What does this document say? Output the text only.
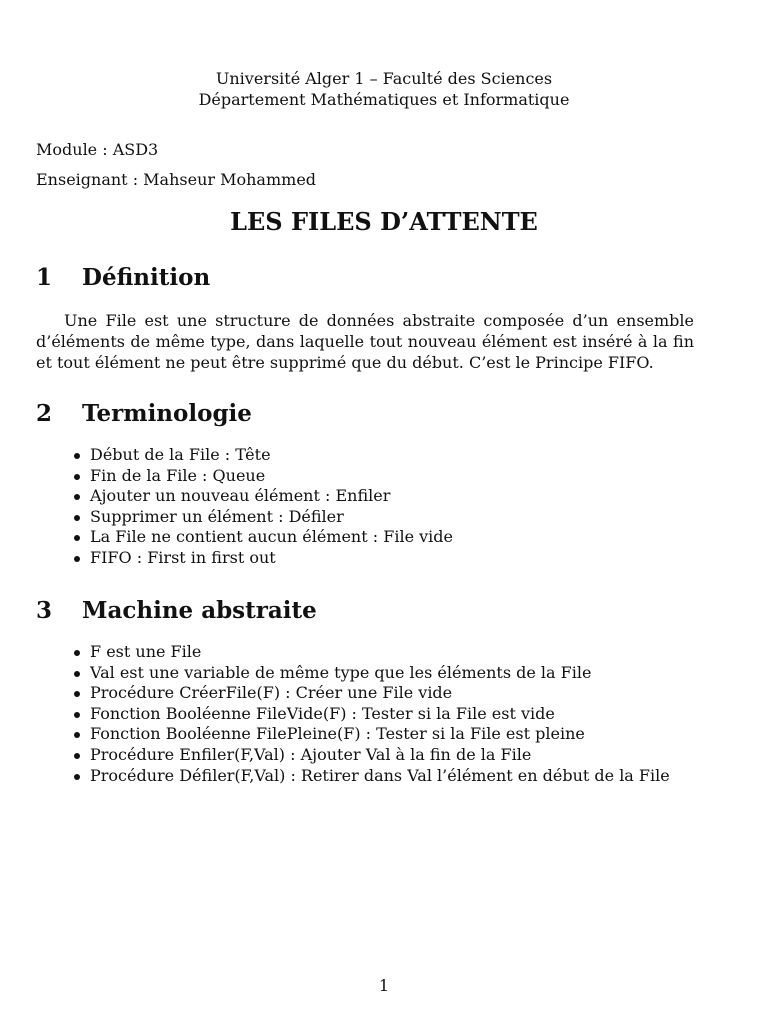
Université Alger 1 – Faculté des Sciences
Département Mathématiques et Informatique
Module : ASD3
Enseignant : Mahseur Mohammed
LES FILES D’ATTENTE
1 Définition
Une File est une structure de données abstraite composée d’un ensemble d’éléments de même type, dans laquelle tout nouveau élément est inséré à la fin et tout élément ne peut être supprimé que du début. C’est le Principe FIFO.
2 Terminologie
Début de la File : Tête
Fin de la File : Queue
Ajouter un nouveau élément : Enfiler
Supprimer un élément : Défiler
La File ne contient aucun élément : File vide
FIFO : First in first out
3 Machine abstraite
F est une File
Val est une variable de même type que les éléments de la File
Procédure CréerFile(F) : Créer une File vide
Fonction Booléenne FileVide(F) : Tester si la File est vide
Fonction Booléenne FilePleine(F) : Tester si la File est pleine
Procédure Enfiler(F,Val) : Ajouter Val à la fin de la File
Procédure Défiler(F,Val) : Retirer dans Val l’élément en début de la File
1
